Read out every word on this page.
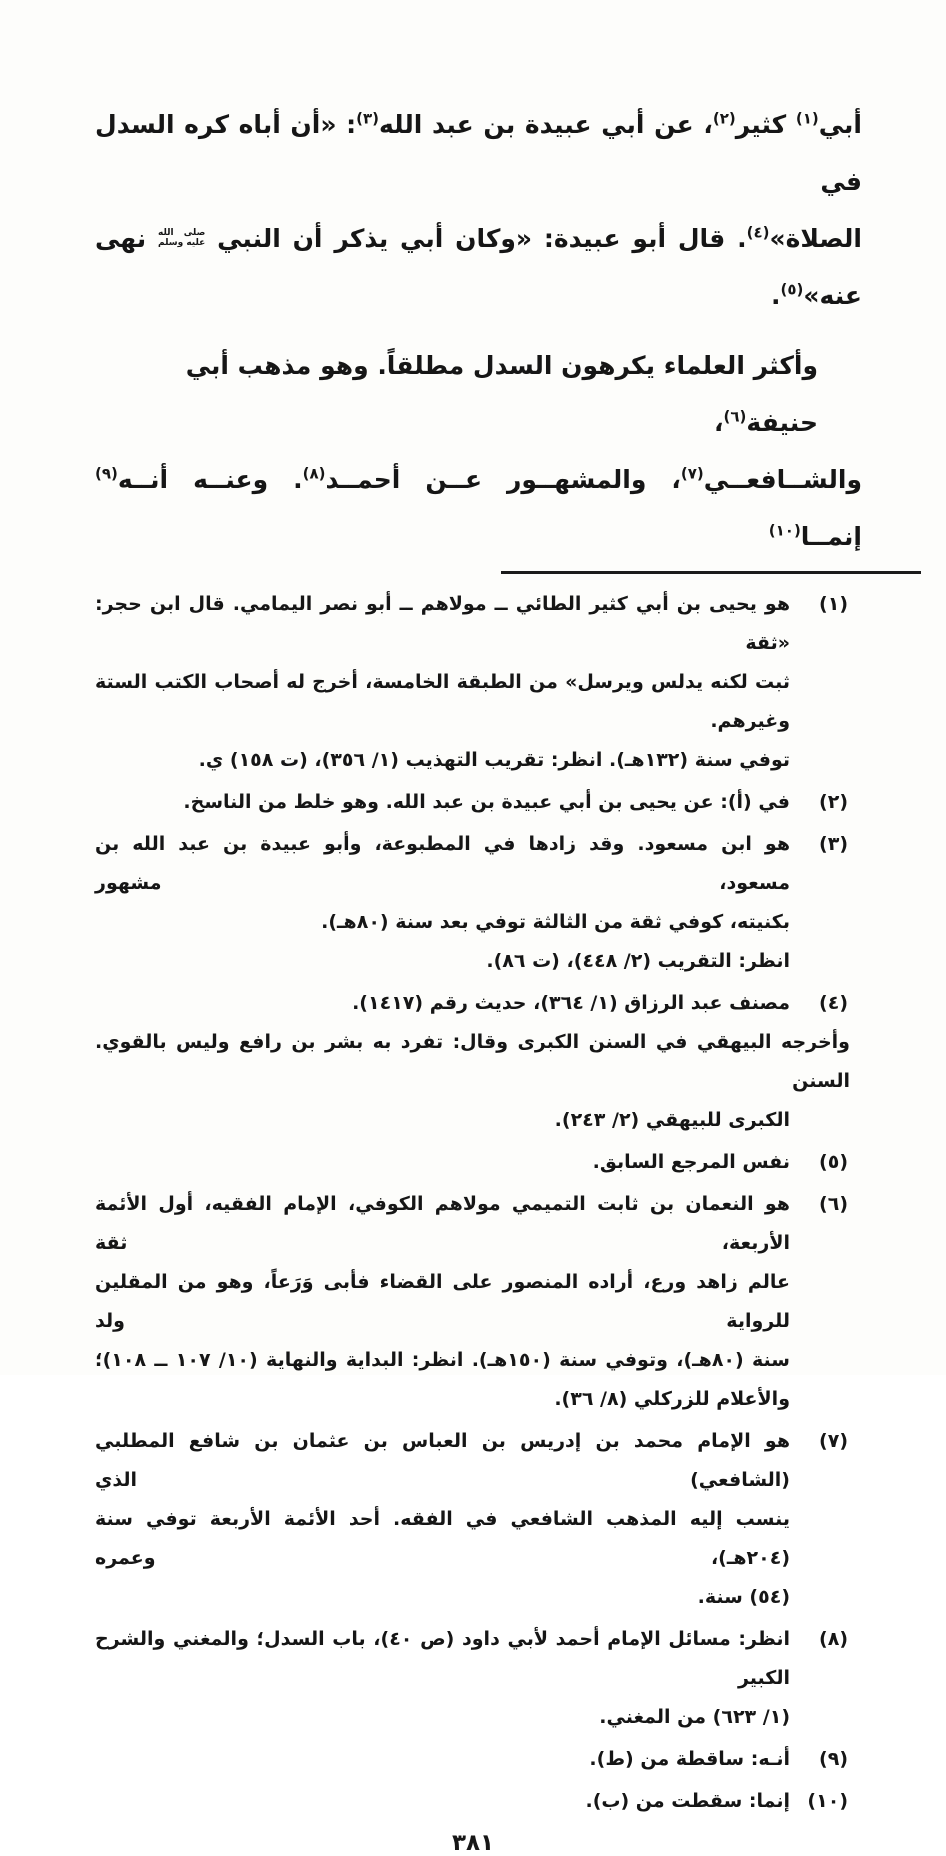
أبي$^{(١)}$ كثير$^{(٢)}$، عن أبي عبيدة بن عبد الله$^{(٣)}$: «أن أباه كره السدل في
الصلاة»$^{(٤)}$. قال أبو عبيدة: «وكان أبي يذكر أن النبي
صلى الله
عليه وسلم
نهى عنه»$^{(٥)}$.
وأكثر العلماء يكرهون السدل مطلقاً. وهو مذهب أبي حنيفة$^{(٦)}$،
والشــافعــي$^{(٧)}$، والمشهــور عــن أحمــد$^{(٨)}$. وعنــه أنــه$^{(٩)}$ إنمــا$^{(١٠)}$
(١)
هو يحيى بن أبي كثير الطائي ــ مولاهم ــ أبو نصر اليمامي. قال ابن حجر: «ثقة
ثبت لكنه يدلس ويرسل» من الطبقة الخامسة، أخرج له أصحاب الكتب الستة وغيرهم.
توفي سنة (١٣٢هـ). انظر: تقريب التهذيب (١/ ٣٥٦)، (ت ١٥٨) ي.
(٢)
في (أ): عن يحيى بن أبي عبيدة بن عبد الله. وهو خلط من الناسخ.
(٣)
هو ابن مسعود. وقد زادها في المطبوعة، وأبو عبيدة بن عبد الله بن مسعود، مشهور
بكنيته، كوفي ثقة من الثالثة توفي بعد سنة (٨٠هـ).
انظر: التقريب (٢/ ٤٤٨)، (ت ٨٦).
(٤)
مصنف عبد الرزاق (١/ ٣٦٤)، حديث رقم (١٤١٧).
وأخرجه البيهقي في السنن الكبرى وقال: تفرد به بشر بن رافع وليس بالقوي. السنن
الكبرى للبيهقي (٢/ ٢٤٣).
(٥)
نفس المرجع السابق.
(٦)
هو النعمان بن ثابت التميمي مولاهم الكوفي، الإمام الفقيه، أول الأئمة الأربعة، ثقة
عالم زاهد ورع، أراده المنصور على القضاء فأبى وَرَعاً، وهو من المقلين للرواية ولد
سنة (٨٠هـ)، وتوفي سنة (١٥٠هـ). انظر: البداية والنهاية (١٠/ ١٠٧ ــ ١٠٨)؛
والأعلام للزركلي (٨/ ٣٦).
(٧)
هو الإمام محمد بن إدريس بن العباس بن عثمان بن شافع المطلبي (الشافعي) الذي
ينسب إليه المذهب الشافعي في الفقه. أحد الأئمة الأربعة توفي سنة (٢٠٤هـ)، وعمره
(٥٤) سنة.
(٨)
انظر: مسائل الإمام أحمد لأبي داود (ص ٤٠)، باب السدل؛ والمغني والشرح الكبير
(١/ ٦٢٣) من المغني.
(٩)
أنـه: ساقطة من (ط).
(١٠)
إنما: سقطت من (ب).
٣٨١
